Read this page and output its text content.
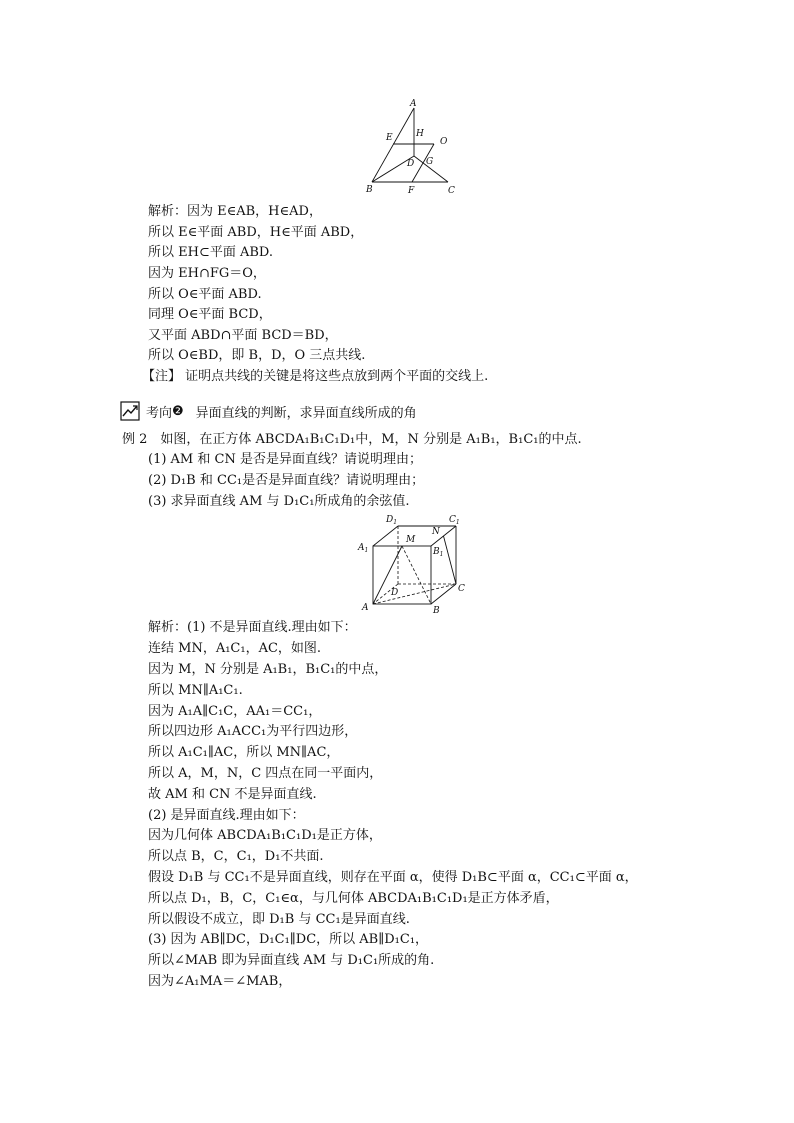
A
E	H
O
D G
B	F	C
解析：因为 E∈AB，H∈AD，
所以 E∈平面 ABD，H∈平面 ABD，
所以 EH⊂平面 ABD.
因为 EH∩FG＝O，
所以 O∈平面 ABD.
同理 O∈平面 BCD，
又平面 ABD∩平面 BCD＝BD，
所以 O∈BD，即 B，D，O 三点共线.
【注】 证明点共线的关键是将这些点放到两个平面的交线上.
考向 ❷ 异面直线的判断，求异面直线所成的角
例 2　如图，在正方体 ABCDA₁B₁C₁D₁中，M，N 分别是 A₁B₁，B₁C₁的中点.
(1) AM 和 CN 是否是异面直线？请说明理由；
(2) D₁B 和 CC₁是否是异面直线？请说明理由；
(3) 求异面直线 AM 与 D₁C₁所成角的余弦值.
$D_1$
N
$C_1$
$A_1$
M
$B_1$
C
D
A	B
解析：(1) 不是异面直线.理由如下：
连结 MN，A₁C₁，AC，如图.
因为 M，N 分别是 A₁B₁，B₁C₁的中点，
所以 MN∥A₁C₁.
因为 A₁A∥C₁C，AA₁＝CC₁，
所以四边形 A₁ACC₁为平行四边形，
所以 A₁C₁∥AC，所以 MN∥AC，
所以 A，M，N，C 四点在同一平面内，
故 AM 和 CN 不是异面直线.
(2) 是异面直线.理由如下：
因为几何体 ABCDA₁B₁C₁D₁是正方体，
所以点 B，C，C₁，D₁不共面.
假设 D₁B 与 CC₁不是异面直线，则存在平面 α，使得 D₁B⊂平面 α，CC₁⊂平面 α，
所以点 D₁，B，C，C₁∈α，与几何体 ABCDA₁B₁C₁D₁是正方体矛盾，
所以假设不成立，即 D₁B 与 CC₁是异面直线.
(3) 因为 AB∥DC，D₁C₁∥DC，所以 AB∥D₁C₁，
所以∠MAB 即为异面直线 AM 与 D₁C₁所成的角.
因为∠A₁MA＝∠MAB，
